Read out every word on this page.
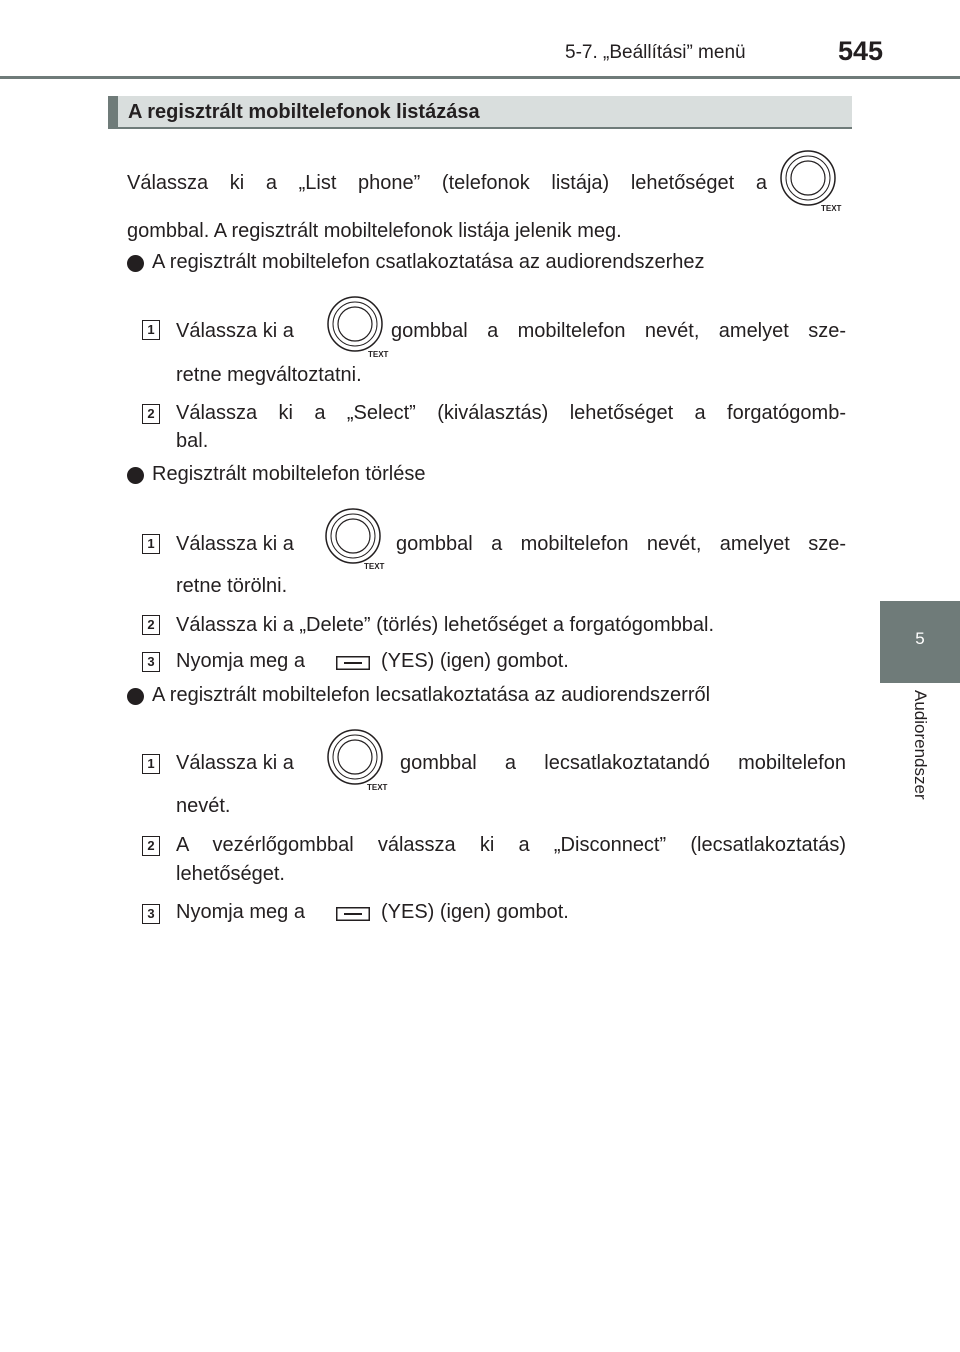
5-7. „Beállítási” menü	545
5
Audiorendszer
A regisztrált mobiltelefonok listázása
Válassza ki a „List phone” (telefonok listája) lehetőséget a
TEXT
gombbal. A regisztrált mobiltelefonok listája jelenik meg.
A regisztrált mobiltelefon csatlakoztatása az audiorendszerhez
1 Válassza ki a
TEXT
gombbal a mobiltelefon nevét, amelyet sze-
retne megváltoztatni.
2 Válassza ki a „Select” (kiválasztás) lehetőséget a forgatógomb-
bal.
Regisztrált mobiltelefon törlése
1 Válassza ki a
TEXT
gombbal a mobiltelefon nevét, amelyet sze-
retne törölni.
2 Válassza ki a „Delete” (törlés) lehetőséget a forgatógombbal.
3 Nyomja meg a	(YES) (igen) gombot.
A regisztrált mobiltelefon lecsatlakoztatása az audiorendszerről
1 Válassza ki a
TEXT
gombbal a lecsatlakoztatandó mobiltelefon
nevét.
2 A vezérlőgombbal válassza ki a „Disconnect” (lecsatlakoztatás)
lehetőséget.
3 Nyomja meg a	(YES) (igen) gombot.
